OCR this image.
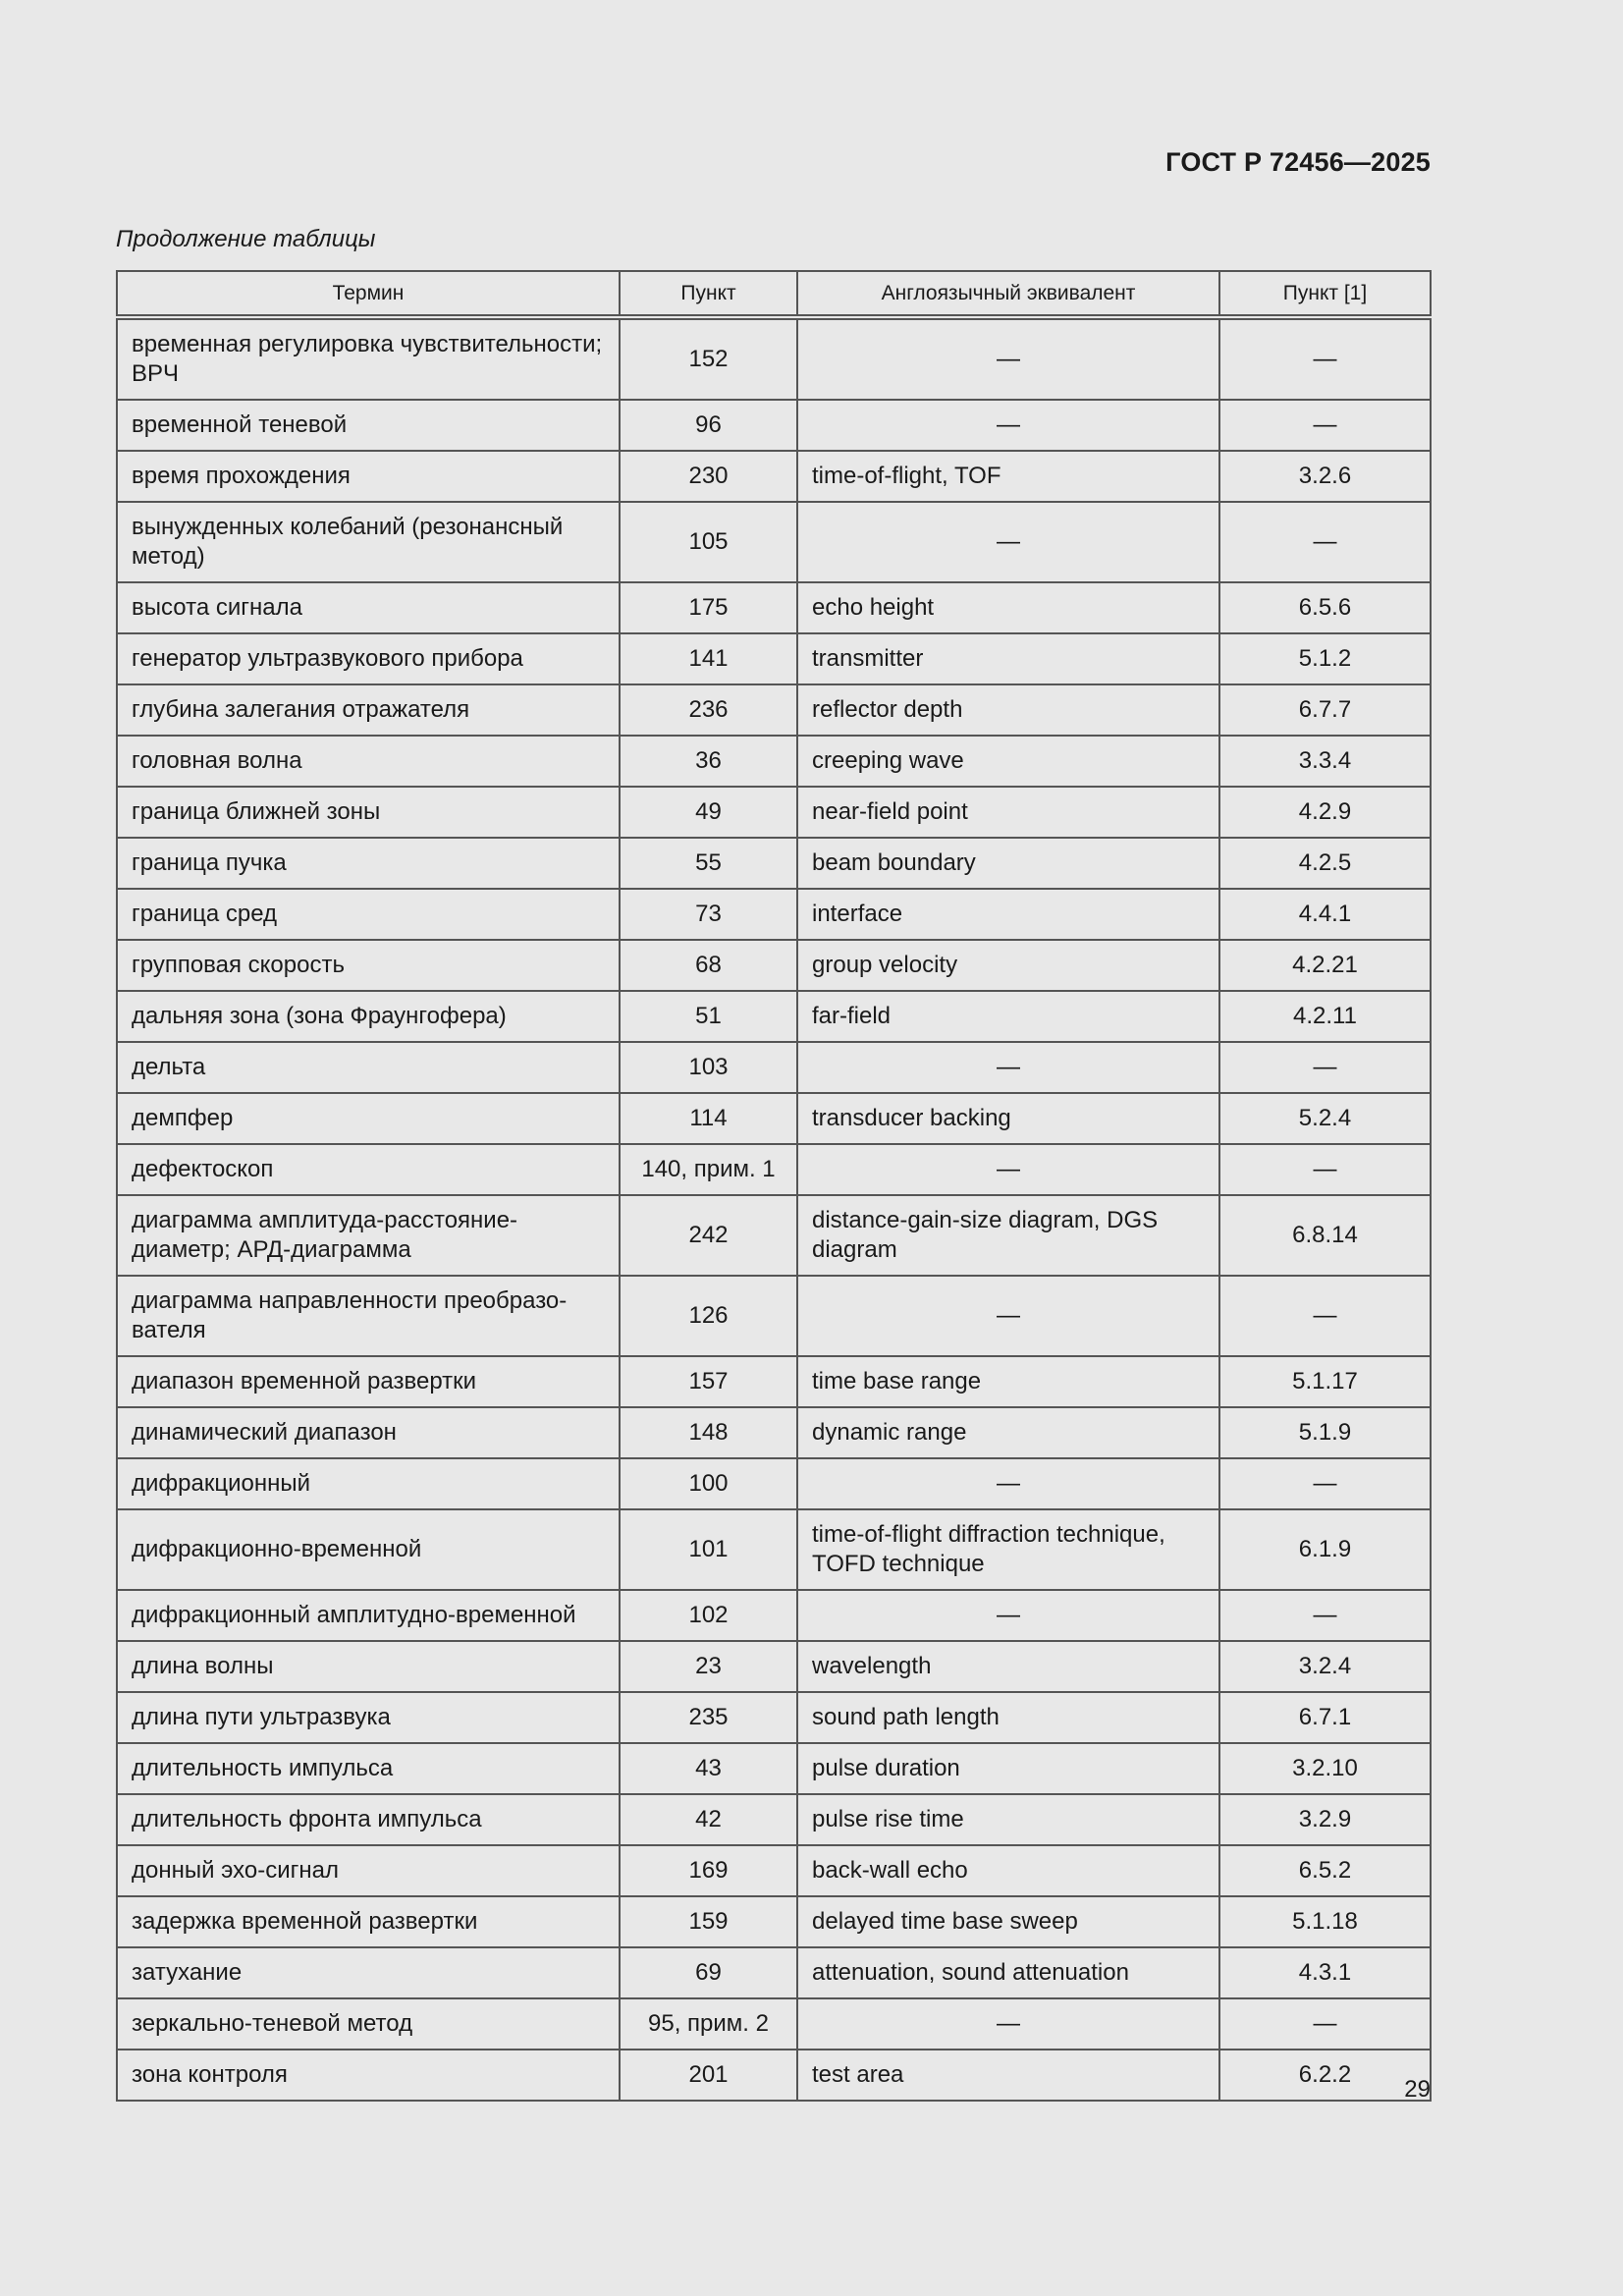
ГОСТ Р 72456—2025
Продолжение таблицы
Термин	Пункт	Англоязычный эквивалент	Пункт [1]
временная регулировка чувствительности; ВРЧ	152	—	—
временной теневой	96	—	—
время прохождения	230	time-of-flight, TOF	3.2.6
вынужденных колебаний (резонансный метод)	105	—	—
высота сигнала	175	echo height	6.5.6
генератор ультразвукового прибора	141	transmitter	5.1.2
глубина залегания отражателя	236	reflector depth	6.7.7
головная волна	36	creeping wave	3.3.4
граница ближней зоны	49	near-field point	4.2.9
граница пучка	55	beam boundary	4.2.5
граница сред	73	interface	4.4.1
групповая скорость	68	group velocity	4.2.21
дальняя зона (зона Фраунгофера)	51	far-field	4.2.11
дельта	103	—	—
демпфер	114	transducer backing	5.2.4
дефектоскоп	140, прим. 1	—	—
диаграмма амплитуда-расстояние-диаметр; АРД-диаграмма	242	distance-gain-size diagram, DGS diagram	6.8.14
диаграмма направленности преобразо-вателя	126	—	—
диапазон временной развертки	157	time base range	5.1.17
динамический диапазон	148	dynamic range	5.1.9
дифракционный	100	—	—
дифракционно-временной	101	time-of-flight diffraction technique, TOFD technique	6.1.9
дифракционный амплитудно-временной	102	—	—
длина волны	23	wavelength	3.2.4
длина пути ультразвука	235	sound path length	6.7.1
длительность импульса	43	pulse duration	3.2.10
длительность фронта импульса	42	pulse rise time	3.2.9
донный эхо-сигнал	169	back-wall echo	6.5.2
задержка временной развертки	159	delayed time base sweep	5.1.18
затухание	69	attenuation, sound attenuation	4.3.1
зеркально-теневой метод	95, прим. 2	—	—
зона контроля	201	test area	6.2.2
29
